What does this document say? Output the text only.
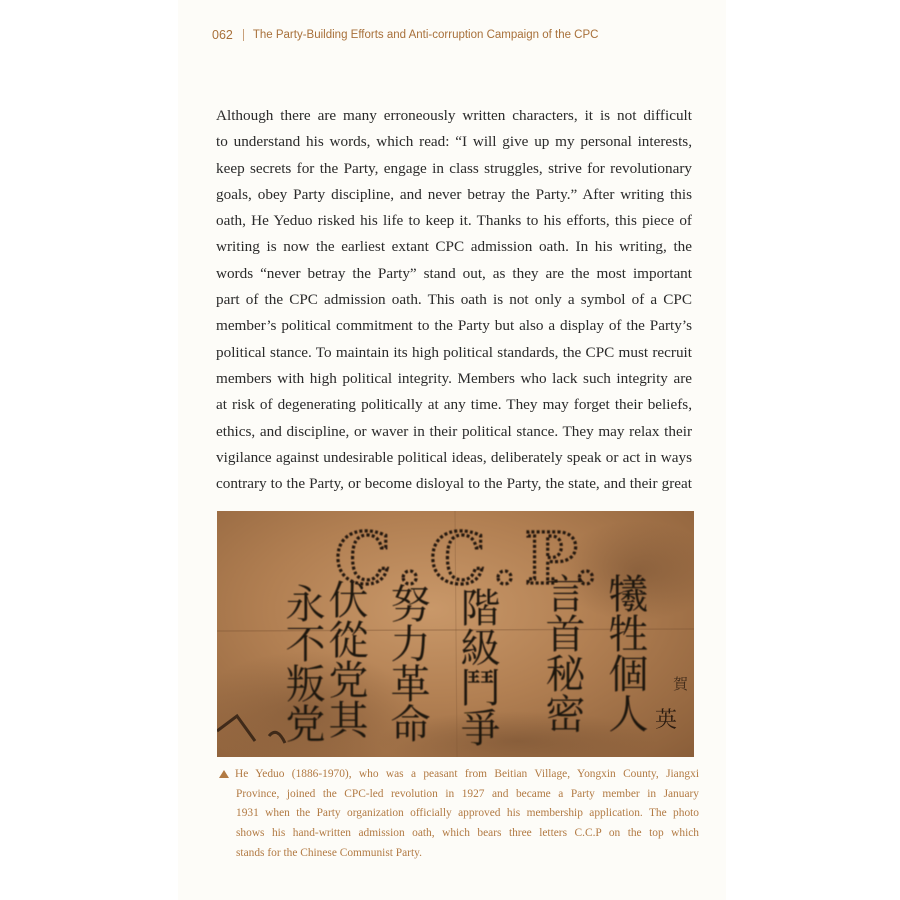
062 The Party-Building Efforts and Anti-corruption Campaign of the CPC
Although there are many erroneously written characters, it is not difficult
to understand his words, which read: “I will give up my personal interests,
keep secrets for the Party, engage in class struggles, strive for revolutionary
goals, obey Party discipline, and never betray the Party.” After writing this
oath, He Yeduo risked his life to keep it. Thanks to his efforts, this piece of
writing is now the earliest extant CPC admission oath. In his writing, the
words “never betray the Party” stand out, as they are the most important
part of the CPC admission oath. This oath is not only a symbol of a CPC
member’s political commitment to the Party but also a display of the Party’s
political stance. To maintain its high political standards, the CPC must recruit
members with high political integrity. Members who lack such integrity are
at risk of degenerating politically at any time. They may forget their beliefs,
ethics, and discipline, or waver in their political stance. They may relax their
vigilance against undesirable political ideas, deliberately speak or act in ways
contrary to the Party, or become disloyal to the Party, the state, and their great
C.C.P.
犧牲個人
言首秘密
階級鬥爭
努力革命
伏從党其
永不叛党	賀
英
He Yeduo (1886-1970), who was a peasant from Beitian Village, Yongxin County, Jiangxi
Province, joined the CPC-led revolution in 1927 and became a Party member in January
1931 when the Party organization officially approved his membership application. The photo
shows his hand-written admission oath, which bears three letters C.C.P on the top which
stands for the Chinese Communist Party.
